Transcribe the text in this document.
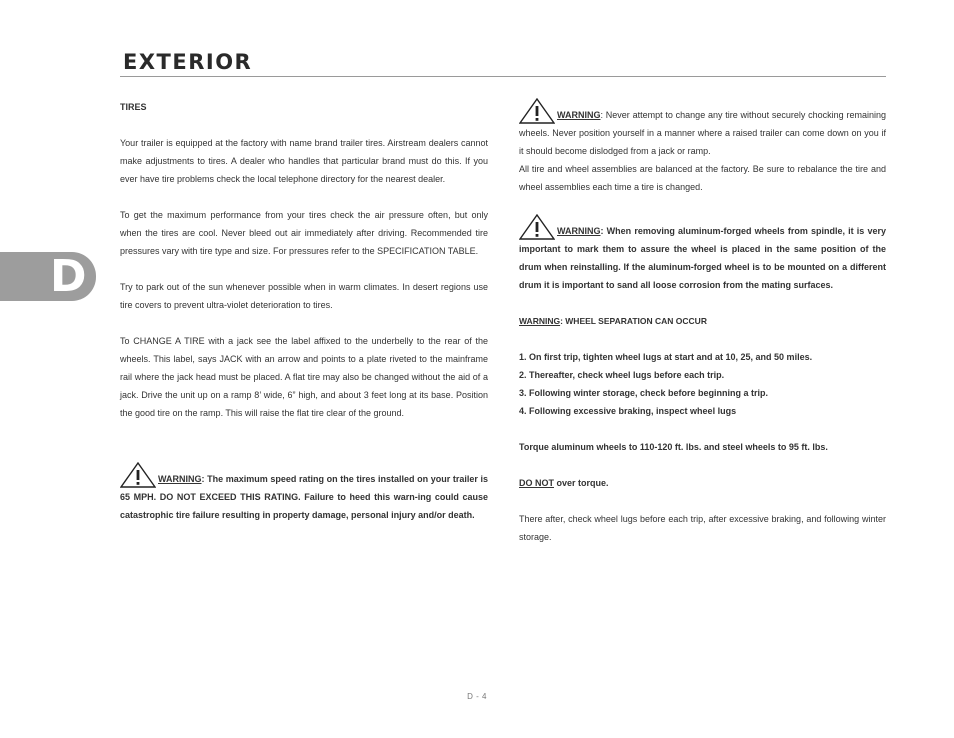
EXTERIOR
D

TIRES

Your trailer is equipped at the factory with name brand trailer tires. Airstream dealers cannot make adjustments to tires. A dealer who handles that particular brand must do this. If you ever have tire problems check the local telephone directory for the nearest dealer.

To get the maximum performance from your tires check the air pressure often, but only when the tires are cool. Never bleed out air immediately after driving. Recommended tire pressures vary with tire type and size. For pressures refer to the SPECIFICATION TABLE.

Try to park out of the sun whenever possible when in warm climates. In desert regions use tire covers to prevent ultra-violet deterioration to tires.

To CHANGE A TIRE with a jack see the label affixed to the underbelly to the rear of the wheels. This label, says JACK with an arrow and points to a plate riveted to the mainframe rail where the jack head must be placed. A flat tire may also be changed without the aid of a jack. Drive the unit up on a ramp 8’ wide, 6” high, and about 3 feet long at its base. Position the good tire on the ramp. This will raise the flat tire clear of the ground.

WARNING: The maximum speed rating on the tires installed on your trailer is 65 MPH. DO NOT EXCEED THIS RATING. Failure to heed this warn-ing could cause catastrophic tire failure resulting in property damage, personal injury and/or death.

WARNING: Never attempt to change any tire without securely chocking remaining wheels. Never position yourself in a manner where a raised trailer can come down on you if it should become dislodged from a jack or ramp.

All tire and wheel assemblies are balanced at the factory. Be sure to rebalance the tire and wheel assemblies each time a tire is changed.

WARNING: When removing aluminum-forged wheels from spindle, it is very important to mark them to assure the wheel is placed in the same position of the drum when reinstalling. If the aluminum-forged wheel is to be mounted on a different drum it is important to sand all loose corrosion from the mating surfaces.

WARNING: WHEEL SEPARATION CAN OCCUR

1. On first trip, tighten wheel lugs at start and at 10, 25, and 50 miles.

2. Thereafter, check wheel lugs before each trip.

3. Following winter storage, check before beginning a trip.

4. Following excessive braking, inspect wheel lugs

Torque aluminum wheels to 110-120 ft. lbs. and steel wheels to 95 ft. lbs.

DO NOT over torque.

There after, check wheel lugs before each trip, after excessive braking, and following winter storage.

D - 4
